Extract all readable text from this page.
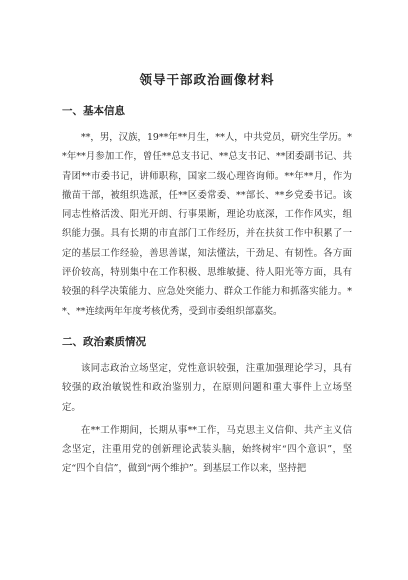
领导干部政治画像材料
一、基本信息

**，男，汉族，19**年**月生，**人，中共党员，研究生学历。**年**月参加工作，曾任**总支书记、**总支书记、**团委副书记、共青团**市委书记，讲师职称，国家二级心理咨询师。**年**月，作为撤苗干部，被组织选派，任**区委常委、**部长、**乡党委书记。该同志性格活泼、阳光开朗、行事果断，理论功底深，工作作风实，组织能力强。具有长期的市直部门工作经历，并在扶贫工作中积累了一定的基层工作经验，善思善谋，知法懂法，干劲足、有韧性。各方面评价较高，特别集中在工作积极、思维敏捷、待人阳光等方面，具有较强的科学决策能力、应急处突能力、群众工作能力和抓落实能力。**、**连续两年年度考核优秀，受到市委组织部嘉奖。

二、政治素质情况

该同志政治立场坚定，党性意识较强，注重加强理论学习，具有较强的政治敏锐性和政治鉴别力，在原则问题和重大事件上立场坚定。

在**工作期间，长期从事**工作，马克思主义信仰、共产主义信念坚定，注重用党的创新理论武装头脑，始终树牢“四个意识”，坚定“四个自信”，做到“两个维护”。到基层工作以来，坚持把
